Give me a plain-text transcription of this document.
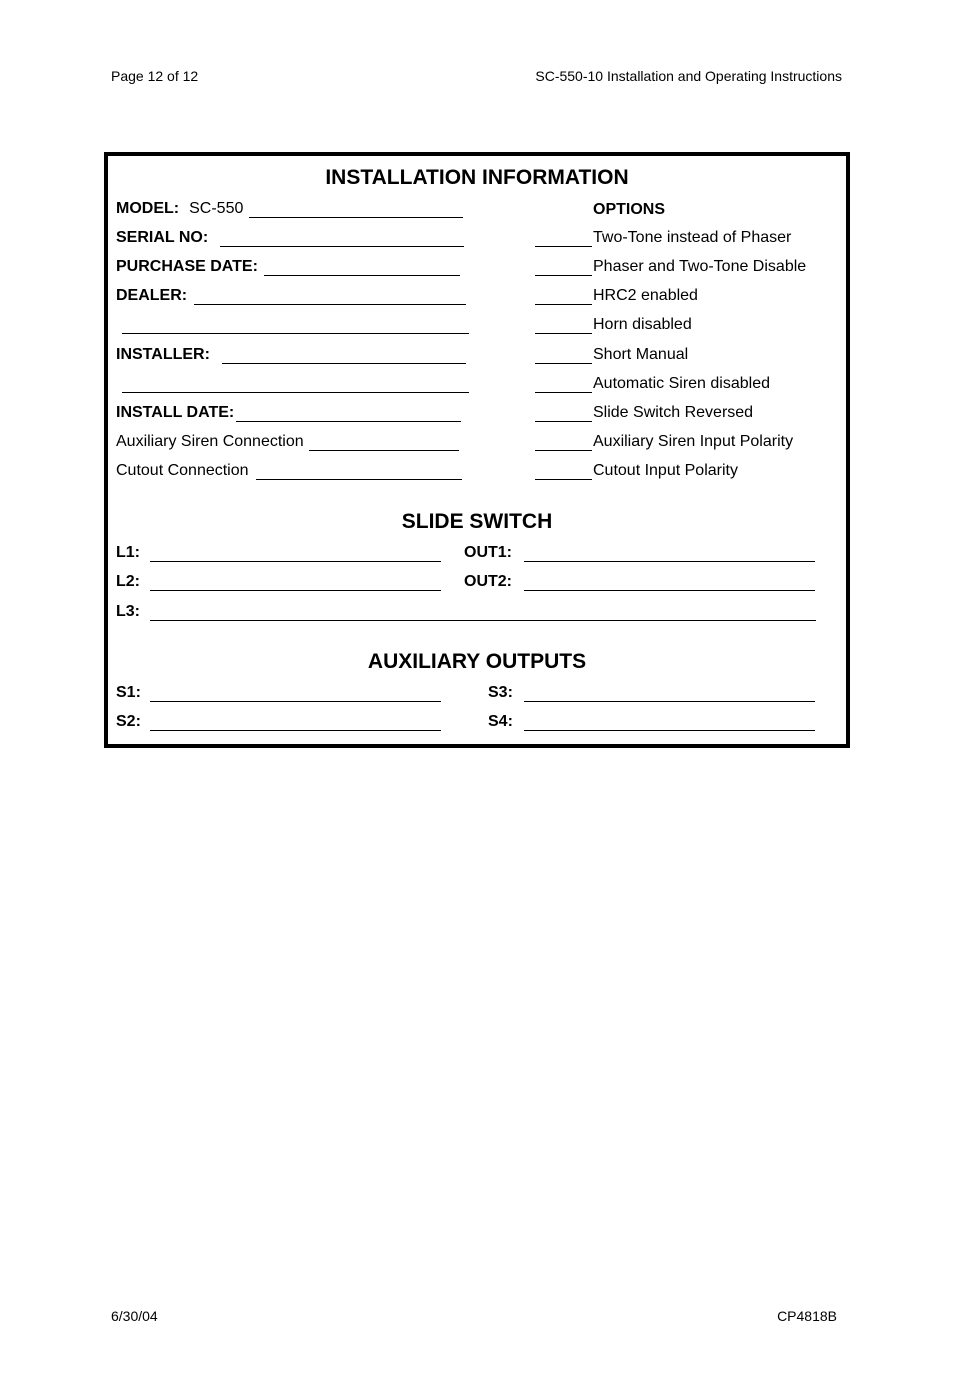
Page 12 of 12	SC-550-10 Installation and Operating Instructions
INSTALLATION INFORMATION
MODEL: SC-550
SERIAL NO:
PURCHASE DATE:
DEALER:
INSTALLER:
INSTALL DATE:
Auxiliary Siren Connection
Cutout Connection
OPTIONS
Two-Tone instead of Phaser
Phaser and Two-Tone Disable
HRC2 enabled
Horn disabled
Short Manual
Automatic Siren disabled
Slide Switch Reversed
Auxiliary Siren Input Polarity
Cutout Input Polarity
SLIDE SWITCH
L1:	OUT1:
L2:	OUT2:
L3:
AUXILIARY OUTPUTS
S1:	S3:
S2:	S4:
6/30/04	CP4818B
